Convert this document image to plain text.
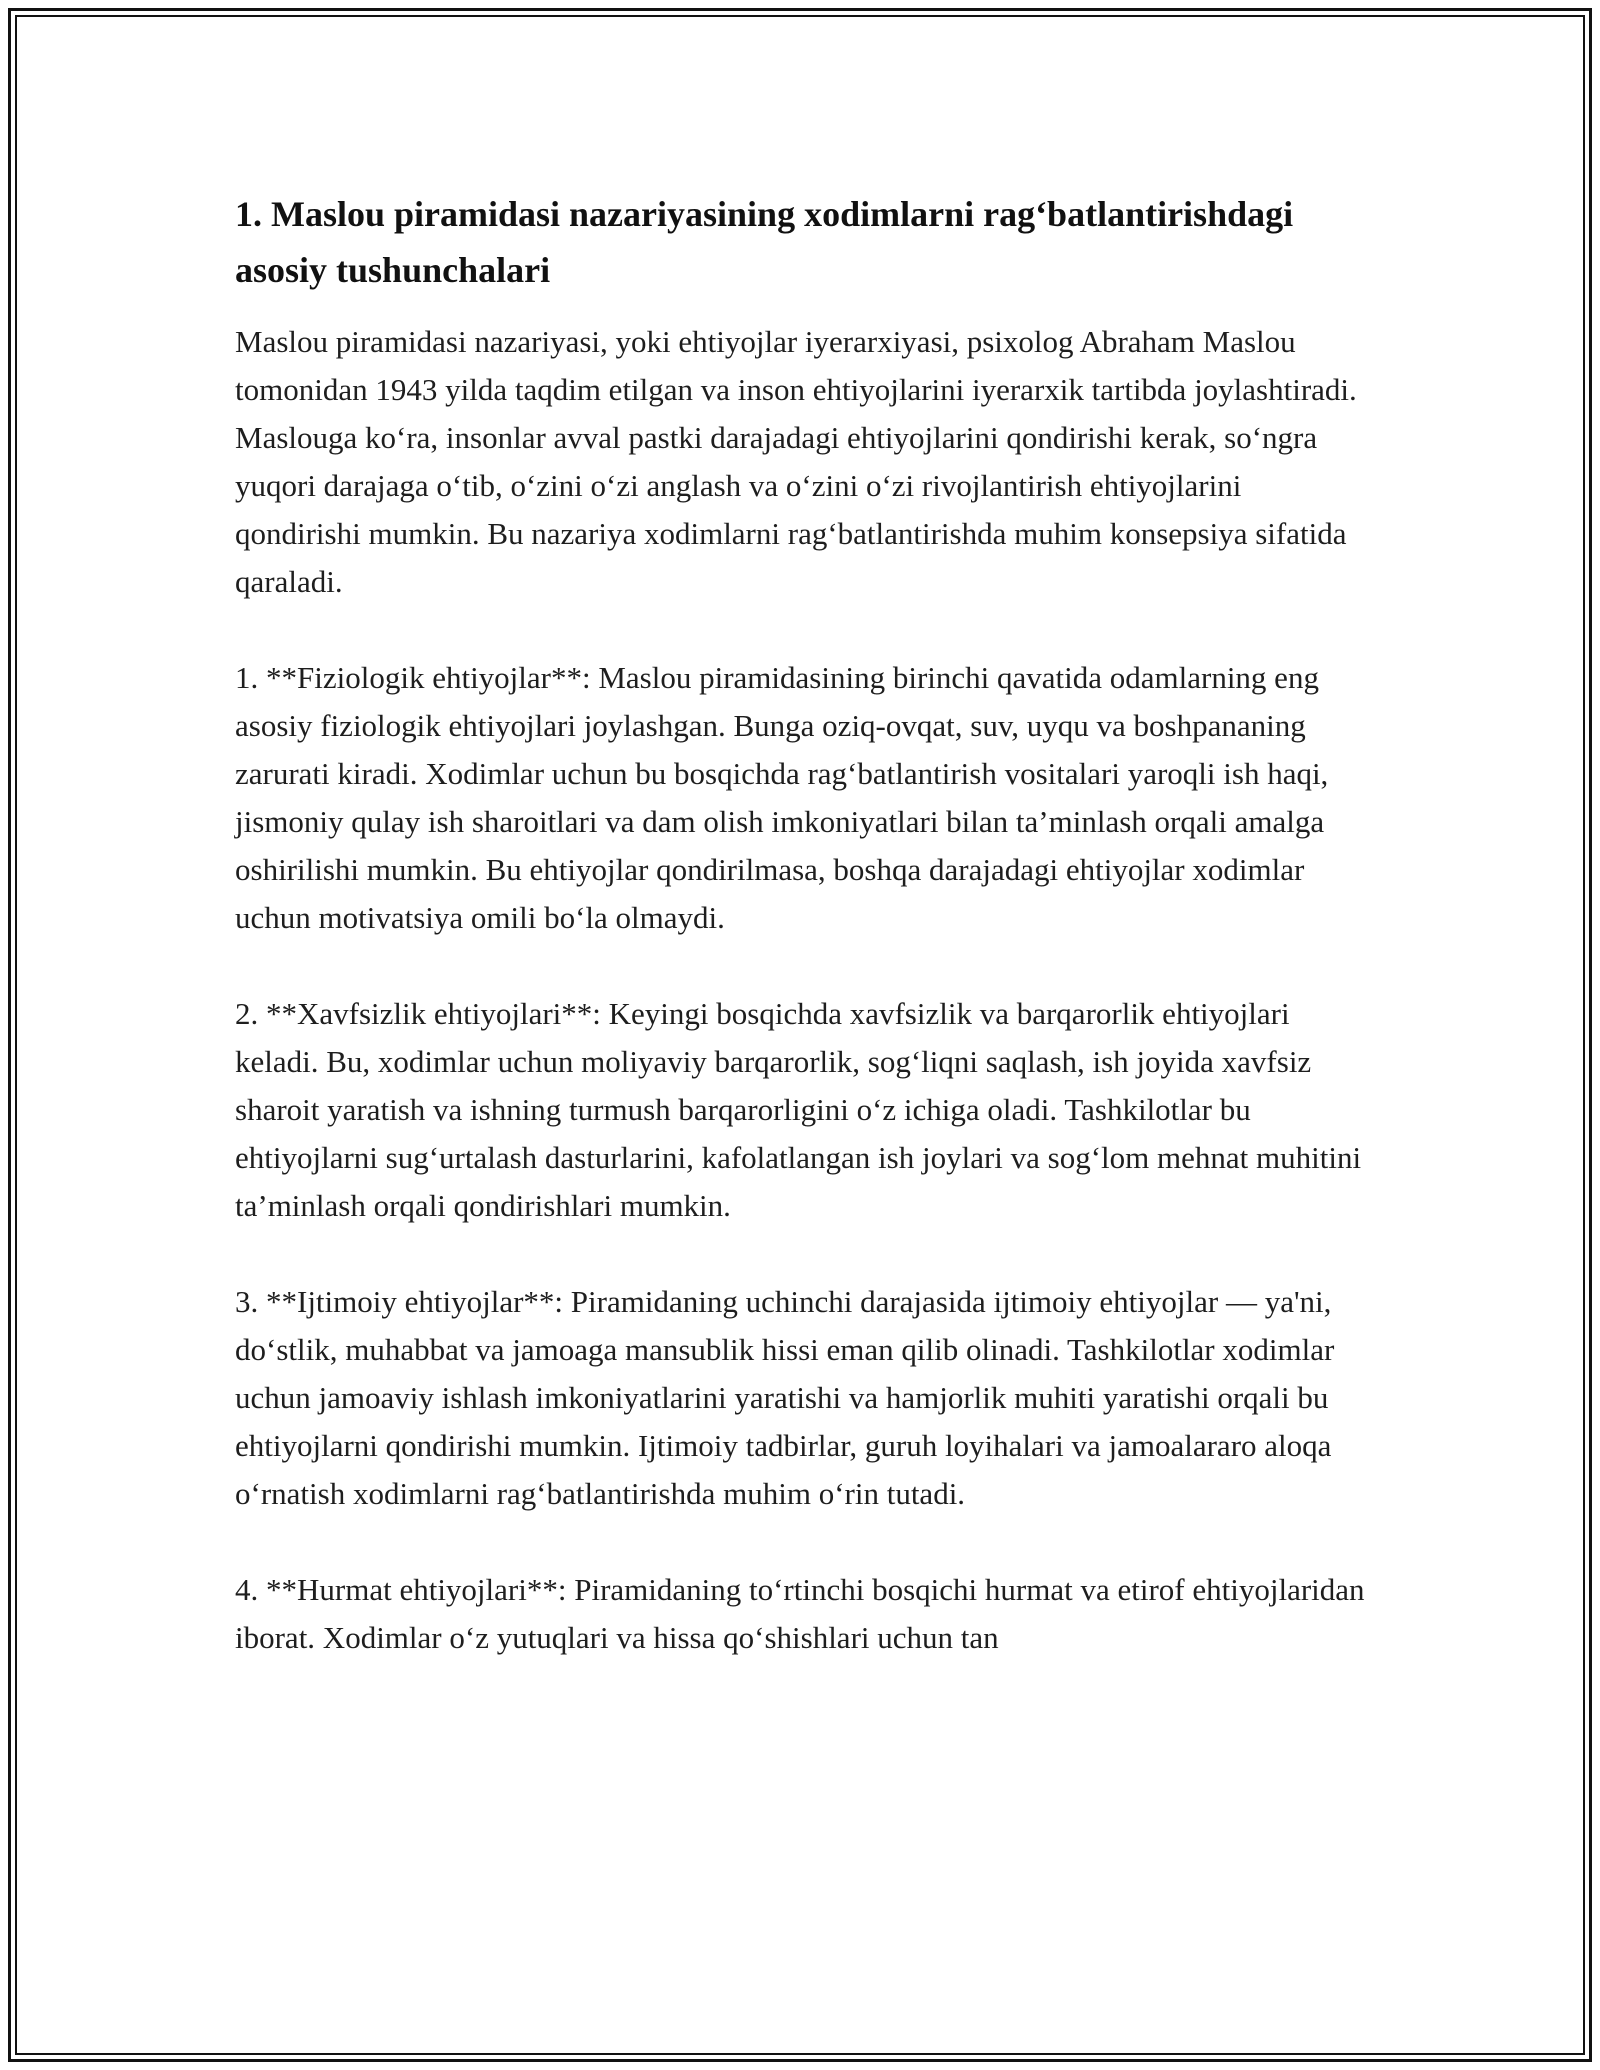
1. Maslou piramidasi nazariyasining xodimlarni rag‘batlantirishdagi asosiy tushunchalari

Maslou piramidasi nazariyasi, yoki ehtiyojlar iyerarxiyasi, psixolog Abraham Maslou tomonidan 1943 yilda taqdim etilgan va inson ehtiyojlarini iyerarxik tartibda joylashtiradi. Maslouga ko‘ra, insonlar avval pastki darajadagi ehtiyojlarini qondirishi kerak, so‘ngra yuqori darajaga o‘tib, o‘zini o‘zi anglash va o‘zini o‘zi rivojlantirish ehtiyojlarini qondirishi mumkin. Bu nazariya xodimlarni rag‘batlantirishda muhim konsepsiya sifatida qaraladi.

1. **Fiziologik ehtiyojlar**: Maslou piramidasining birinchi qavatida odamlarning eng asosiy fiziologik ehtiyojlari joylashgan. Bunga oziq-ovqat, suv, uyqu va boshpananing zarurati kiradi. Xodimlar uchun bu bosqichda rag‘batlantirish vositalari yaroqli ish haqi, jismoniy qulay ish sharoitlari va dam olish imkoniyatlari bilan ta’minlash orqali amalga oshirilishi mumkin. Bu ehtiyojlar qondirilmasa, boshqa darajadagi ehtiyojlar xodimlar uchun motivatsiya omili bo‘la olmaydi.

2. **Xavfsizlik ehtiyojlari**: Keyingi bosqichda xavfsizlik va barqarorlik ehtiyojlari keladi. Bu, xodimlar uchun moliyaviy barqarorlik, sog‘liqni saqlash, ish joyida xavfsiz sharoit yaratish va ishning turmush barqarorligini o‘z ichiga oladi. Tashkilotlar bu ehtiyojlarni sug‘urtalash dasturlarini, kafolatlangan ish joylari va sog‘lom mehnat muhitini ta’minlash orqali qondirishlari mumkin.

3. **Ijtimoiy ehtiyojlar**: Piramidaning uchinchi darajasida ijtimoiy ehtiyojlar — ya'ni, do‘stlik, muhabbat va jamoaga mansublik hissi eman qilib olinadi. Tashkilotlar xodimlar uchun jamoaviy ishlash imkoniyatlarini yaratishi va hamjorlik muhiti yaratishi orqali bu ehtiyojlarni qondirishi mumkin. Ijtimoiy tadbirlar, guruh loyihalari va jamoalararo aloqa o‘rnatish xodimlarni rag‘batlantirishda muhim o‘rin tutadi.

4. **Hurmat ehtiyojlari**: Piramidaning to‘rtinchi bosqichi hurmat va etirof ehtiyojlaridan iborat. Xodimlar o‘z yutuqlari va hissa qo‘shishlari uchun tan
